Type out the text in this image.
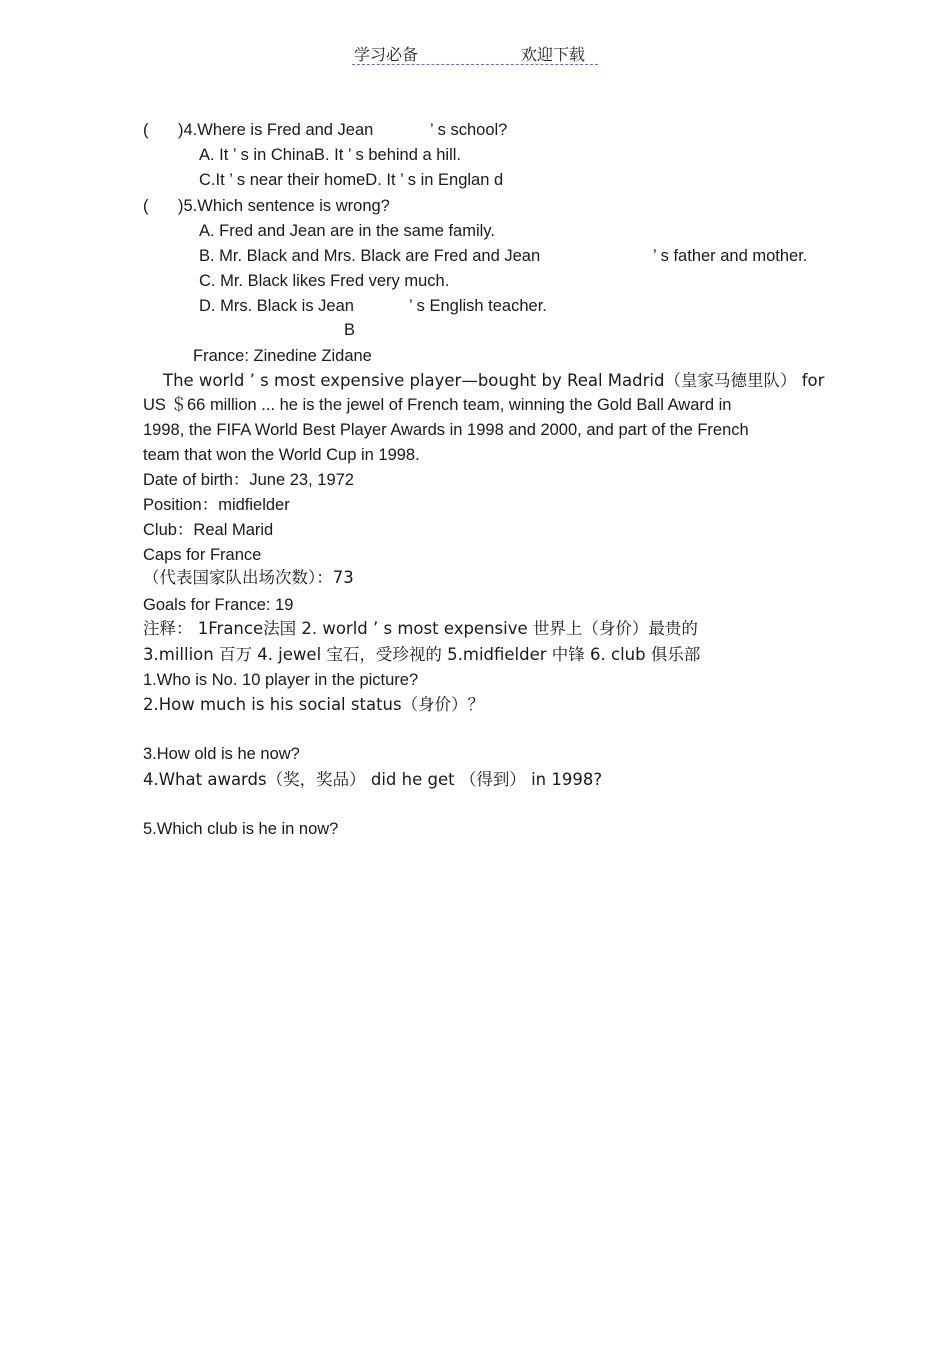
学习必备	欢迎下载
( )4.Where is Fred and Jean	’ s school?
A. It ’ s in ChinaB. It ’ s behind a hill.
C.It ’ s near their homeD. It ’ s in Englan d
( )5.Which sentence is wrong?
A. Fred and Jean are in the same family.
B. Mr. Black and Mrs. Black are Fred and Jean	’ s father and mother.
C. Mr. Black likes Fred very much.
D. Mrs. Black is Jean	’ s English teacher.
B
France: Zinedine Zidane
The world ’ s most expensive player—bought by Real Madrid（皇家马德里队） for
US ＄66 million ... he is the jewel of French team, winning the Gold Ball Award in
1998, the FIFA World Best Player Awards in 1998 and 2000, and part of the French
team that won the World Cup in 1998.
Date of birth：June 23, 1972
Position：midfielder
Club：Real Marid
Caps for France
（代表国家队出场次数）：73
Goals for France: 19
注释： 1France法国 2. world ’ s most expensive 世界上（身价）最贵的
3.million 百万 4. jewel 宝石，受珍视的 5.midfielder 中锋 6. club 俱乐部
1.Who is No. 10 player in the picture?
2.How much is his social status（身价）？
3.How old is he now?
4.What awards（奖，奖品） did he get （得到） in 1998?
5.Which club is he in now?
